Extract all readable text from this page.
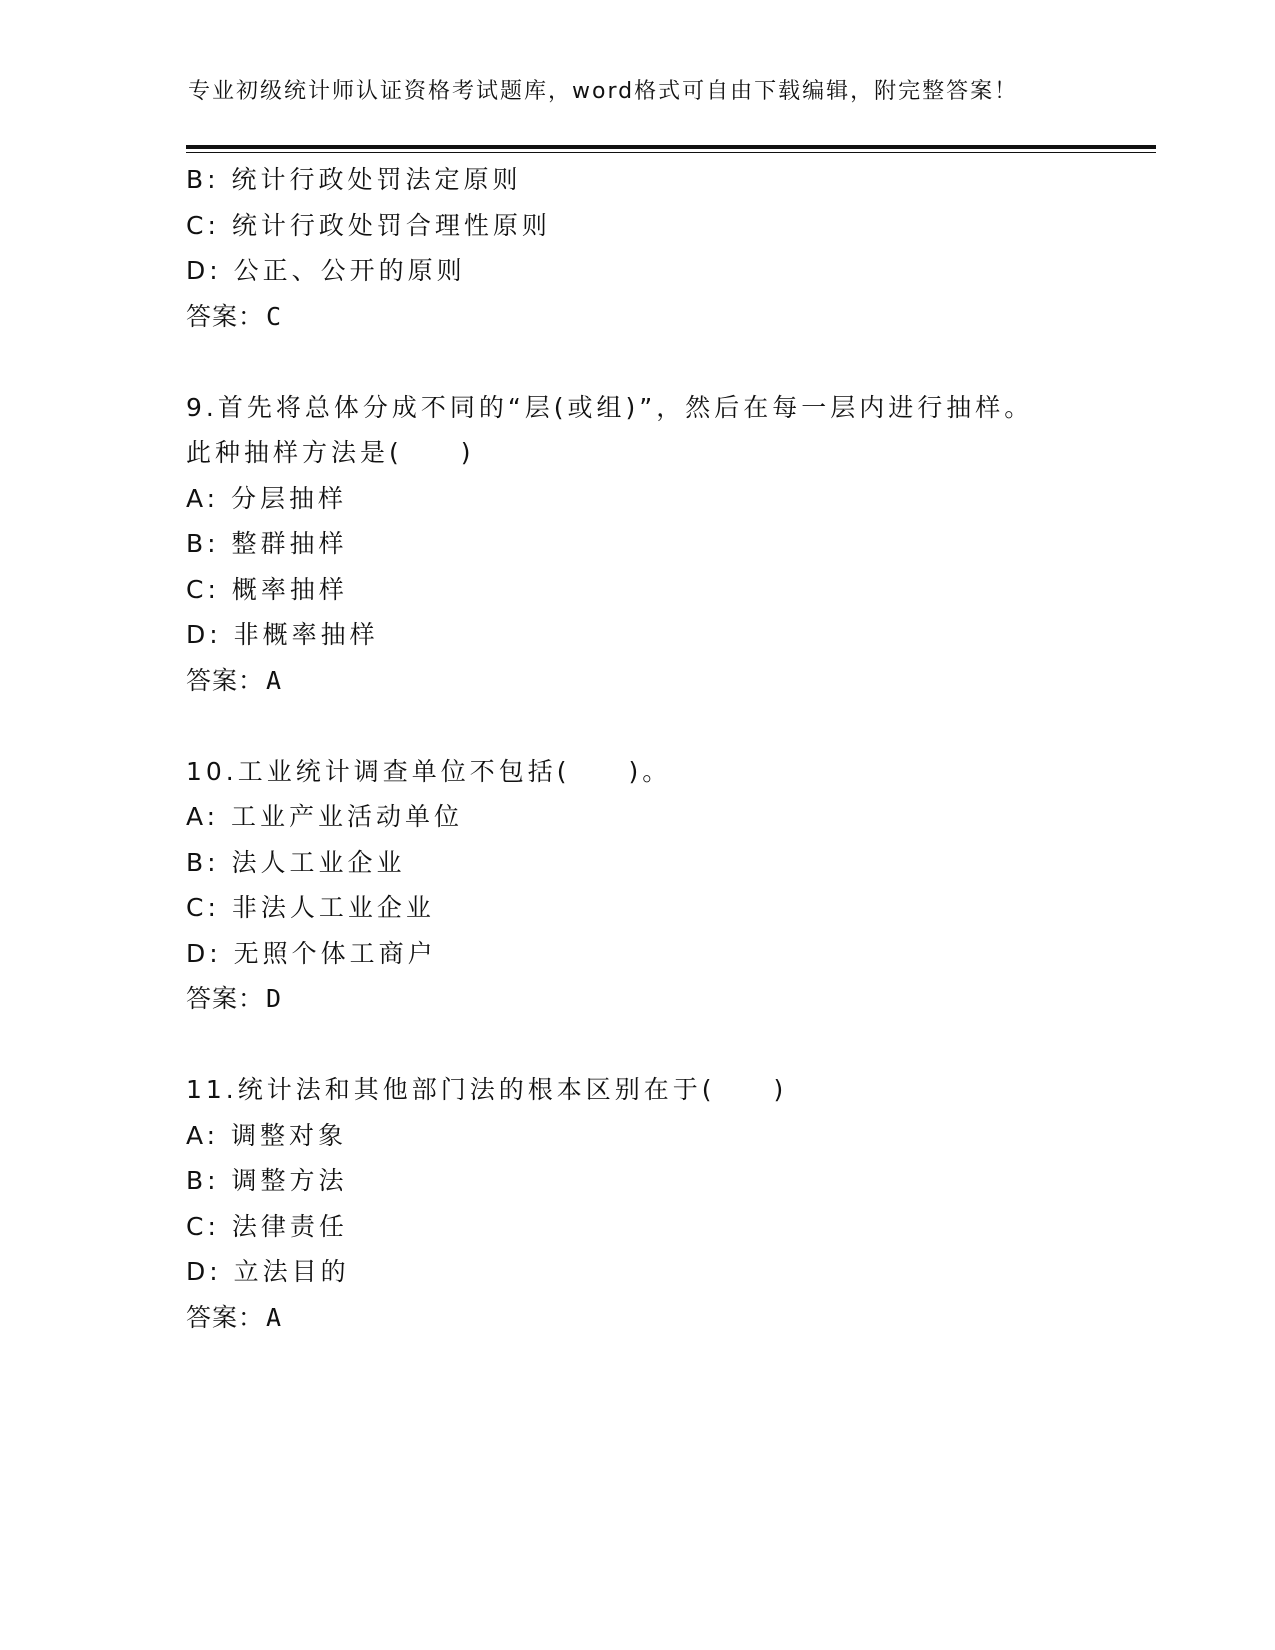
专业初级统计师认证资格考试题库，word格式可自由下载编辑，附完整答案！
B: 统计行政处罚法定原则
C: 统计行政处罚合理性原则
D: 公正、公开的原则
答案：C
9.首先将总体分成不同的“层(或组)”，然后在每一层内进行抽样。
此种抽样方法是(　　)
A: 分层抽样
B: 整群抽样
C: 概率抽样
D: 非概率抽样
答案：A
10.工业统计调查单位不包括(　　)。
A: 工业产业活动单位
B: 法人工业企业
C: 非法人工业企业
D: 无照个体工商户
答案：D
11.统计法和其他部门法的根本区别在于(　　)
A: 调整对象
B: 调整方法
C: 法律责任
D: 立法目的
答案：A
